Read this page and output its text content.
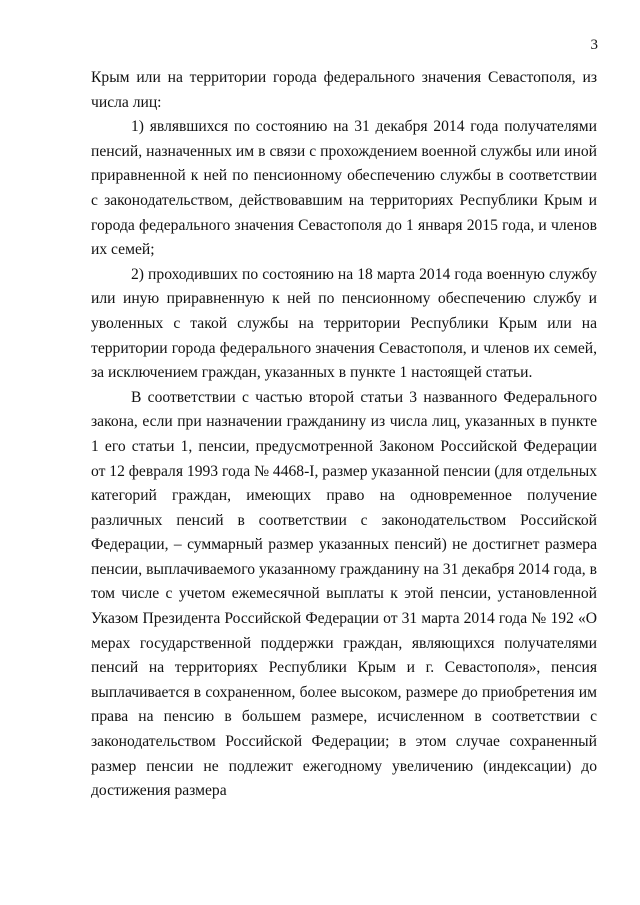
3

Крым или на территории города федерального значения Севастополя, из числа лиц:

1) являвшихся по состоянию на 31 декабря 2014 года получателями пенсий, назначенных им в связи с прохождением военной службы или иной приравненной к ней по пенсионному обеспечению службы в соответствии с законодательством, действовавшим на территориях Республики Крым и города федерального значения Севастополя до 1 января 2015 года, и членов их семей;

2) проходивших по состоянию на 18 марта 2014 года военную службу или иную приравненную к ней по пенсионному обеспечению службу и уволенных с такой службы на территории Республики Крым или на территории города федерального значения Севастополя, и членов их семей, за исключением граждан, указанных в пункте 1 настоящей статьи.

В соответствии с частью второй статьи 3 названного Федерального закона, если при назначении гражданину из числа лиц, указанных в пункте 1 его статьи 1, пенсии, предусмотренной Законом Российской Федерации от 12 февраля 1993 года № 4468-I, размер указанной пенсии (для отдельных категорий граждан, имеющих право на одновременное получение различных пенсий в соответствии с законодательством Российской Федерации, – суммарный размер указанных пенсий) не достигнет размера пенсии, выплачиваемого указанному гражданину на 31 декабря 2014 года, в том числе с учетом ежемесячной выплаты к этой пенсии, установленной Указом Президента Российской Федерации от 31 марта 2014 года № 192 «О мерах государственной поддержки граждан, являющихся получателями пенсий на территориях Республики Крым и г. Севастополя», пенсия выплачивается в сохраненном, более высоком, размере до приобретения им права на пенсию в большем размере, исчисленном в соответствии с законодательством Российской Федерации; в этом случае сохраненный размер пенсии не подлежит ежегодному увеличению (индексации) до достижения размера
